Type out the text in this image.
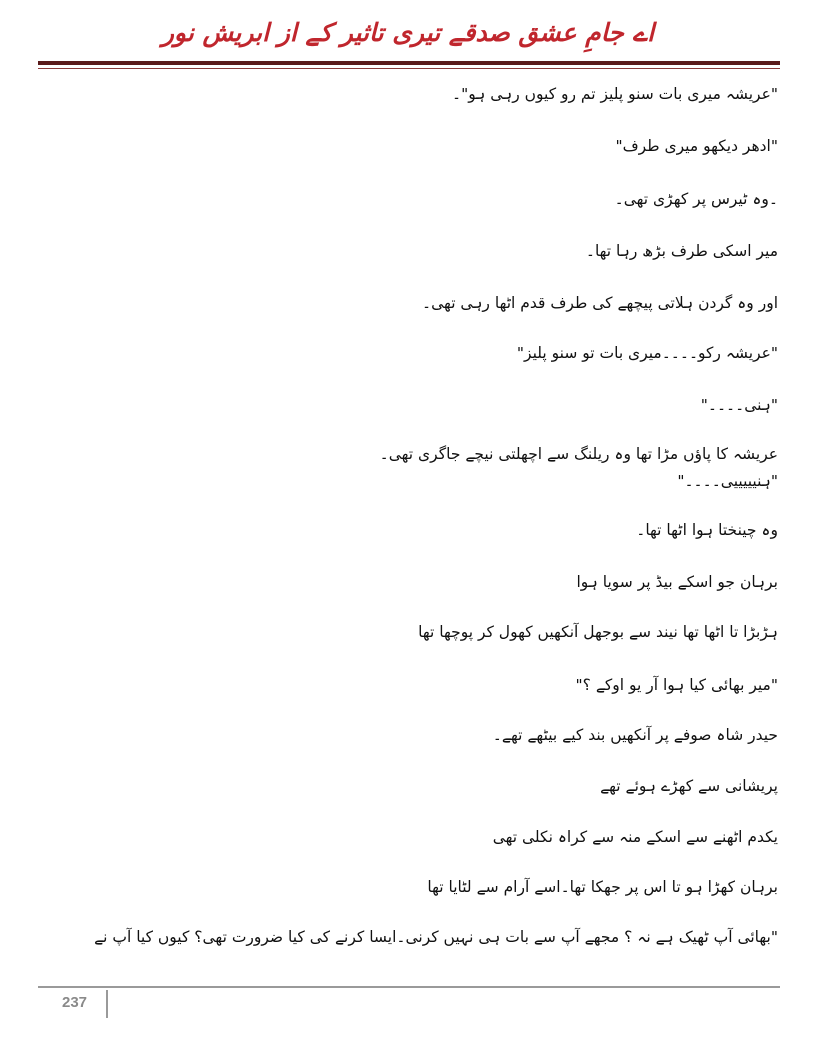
اے جامِ عشق صدقے تیری تاثیر کے از ابریش نور
"عریشہ میری بات سنو پلیز تم رو کیوں رہی ہو"۔
"ادھر دیکھو میری طرف"
۔وہ ٹیرس پر کھڑی تھی۔
میر اسکی طرف بڑھ رہا تھا۔
اور وہ گردن ہلاتی پیچھے کی طرف قدم اٹھا رہی تھی۔
"عریشہ رکو۔۔۔۔میری بات تو سنو پلیز"
"ہنی۔۔۔۔"
عریشہ کا پاؤں مڑا تھا وہ ریلنگ سے اچھلتی نیچے جاگری تھی۔
"ہنیییییی۔۔۔۔"
وہ چینختا ہوا اٹھا تھا۔
برہان جو اسکے بیڈ پر سویا ہوا
ہڑبڑا تا اٹھا تھا نیند سے بوجھل آنکھیں کھول کر پوچھا تھا
"میر بھائی کیا ہوا آر یو اوکے ؟"
حیدر شاہ صوفے پر آنکھیں بند کیے بیٹھے تھے۔
پریشانی سے کھڑے ہوئے تھے
یکدم اٹھنے سے اسکے منہ سے کراہ نکلی تھی
برہان کھڑا ہو تا اس پر جھکا تھا۔اسے آرام سے لٹایا تھا
"بھائی آپ ٹھیک ہے نہ ؟ مجھے آپ سے بات ہی نہیں کرنی۔ایسا کرنے کی کیا ضرورت تھی؟ کیوں کیا آپ نے
237
